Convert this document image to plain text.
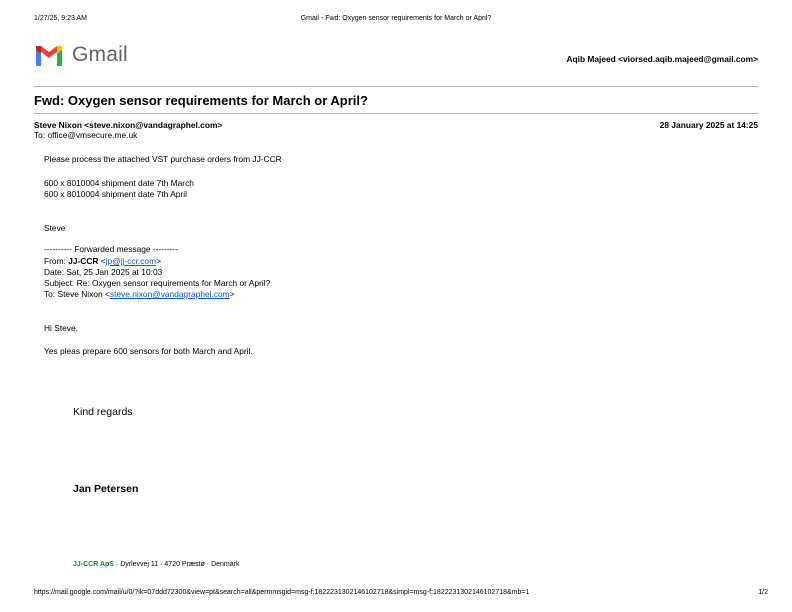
1/27/25, 9:23 AM	Gmail - Fwd: Oxygen sensor requirements for March or April?
Gmail	Aqib Majeed <viorsed.aqib.majeed@gmail.com>
Fwd: Oxygen sensor requirements for March or April?
Steve Nixon <steve.nixon@vandagraphel.com>	28 January 2025 at 14:25
To: office@vmsecure.me.uk
Please process the attached VST purchase orders from JJ-CCR
600 x 8010004 shipment date 7th March
600 x 8010004 shipment date 7th April
Steve
---------- Forwarded message ---------
From: JJ-CCR <jp@jj-ccr.com>
Date: Sat, 25 Jan 2025 at 10:03
Subject: Re: Oxygen sensor requirements for March or April?
To: Steve Nixon <steve.nixon@vandagraphel.com>
Hi Steve.
Yes pleas prepare 600 sensors for both March and April.
Kind regards
Jan Petersen
JJ-CCR ApS · Dyrlevvej 11 · 4720 Præstø · Denmark
https://mail.google.com/mail/u/0/?ik=07ddd72300&view=pt&search=all&permmsgid=msg-f:1822231302146102718&simpl=msg-f:1822231302146102718&mb=1	1/2
